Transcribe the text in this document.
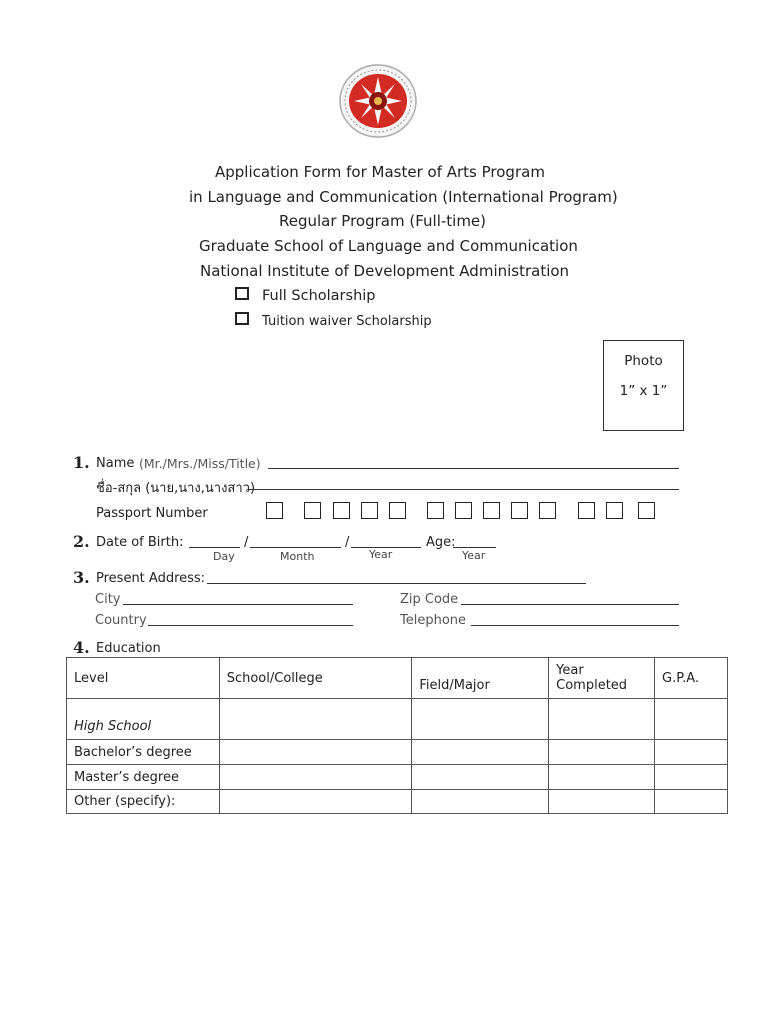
Application Form for Master of Arts Program
in Language and Communication (International Program)
Regular Program (Full-time)
Graduate School of Language and Communication
National Institute of Development Administration
Full Scholarship
Tuition waiver Scholarship
Photo
1” x 1”
1. Name (Mr./Mrs./Miss/Title)
ชื่อ-สกุล (นาย,นาง,นางสาว)
Passport Number
2. Date of Birth:	/	/	Age:
Day	Month	Year	Year
3. Present Address:
City	Zip Code
Country	Telephone
4. Education
Level	School/College	Field/Major	Year Completed	G.P.A.
High School				
Bachelor’s degree				
Master’s degree				
Other (specify):				
